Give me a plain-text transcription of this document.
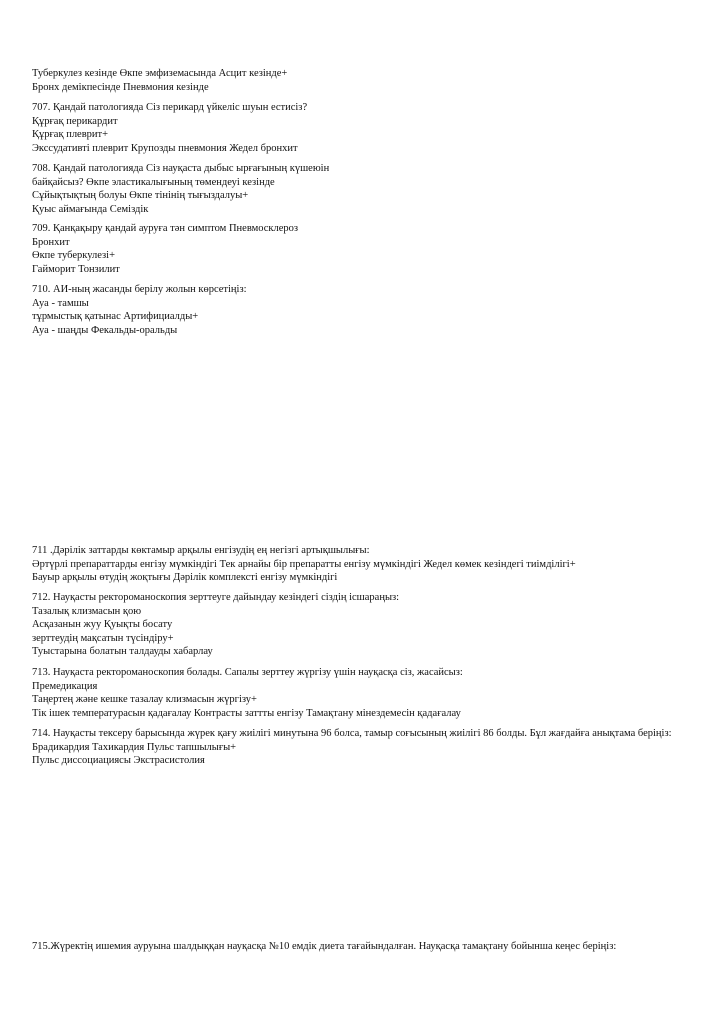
Туберкулез кезінде Өкпе эмфиземасында Асцит кезінде+
Бронх демікпесінде Пневмония кезінде
707. Қандай патологияда Сіз перикард үйкеліс шуын естисіз?
Құрғақ перикардит
Құрғақ плеврит+
Экссудативті плеврит Крупозды пневмония Жедел бронхит
708. Қандай патологияда Сіз науқаста дыбыс ырғағының күшеюін
байқайсыз? Өкпе эластикалығының төмендеуі кезінде
Сұйықтықтың болуы Өкпе тінінің тығыздалуы+
Қуыс аймағында Семіздік
709. Қанқақыру қандай ауруға тән симптом Пневмосклероз
Бронхит
Өкпе туберкулезі+
Гайморит Тонзилит
710. АИ-ның жасанды берілу жолын көрсетіңіз:
Ауа - тамшы
тұрмыстық қатынас Артифициалды+
Ауа - шаңды Фекальды-оральды
711 .Дәрілік заттарды көктамыр арқылы енгізудің ең негізгі артықшылығы:
Әртүрлі препараттарды енгізу мүмкіндігі Тек арнайы бір препаратты енгізу мүмкіндігі Жедел көмек кезіндегі тиімділігі+
Бауыр арқылы өтудің жоқтығы Дәрілік комплексті енгізу мүмкіндігі
712. Науқасты ректороманоскопия зерттеуге дайындау кезіндегі сіздің ісшараңыз:
Тазалық клизмасын қою
Асқазанын жуу Қуықты босату
зерттеудің мақсатын түсіндіру+
Туыстарына болатын талдауды хабарлау
713. Науқаста ректороманоскопия болады. Сапалы зерттеу жүргізу үшін науқасқа сіз, жасайсыз:
Премедикация
Таңертең және кешке тазалау клизмасын жүргізу+
Тік ішек температурасын қадағалау Контрасты заттты енгізу Тамақтану мінездемесін қадағалау
714. Науқасты тексеру барысында жүрек қағу жиілігі минутына 96 болса, тамыр соғысының жиілігі 86 болды. Бұл жағдайға анықтама беріңіз:
Брадикардия Тахикардия Пульс тапшылығы+
Пульс диссоциациясы Экстрасистолия
715.Жүректің ишемия ауруына шалдыққан науқасқа №10 емдік диета тағайындалған. Науқасқа тамақтану бойынша кеңес беріңіз:
